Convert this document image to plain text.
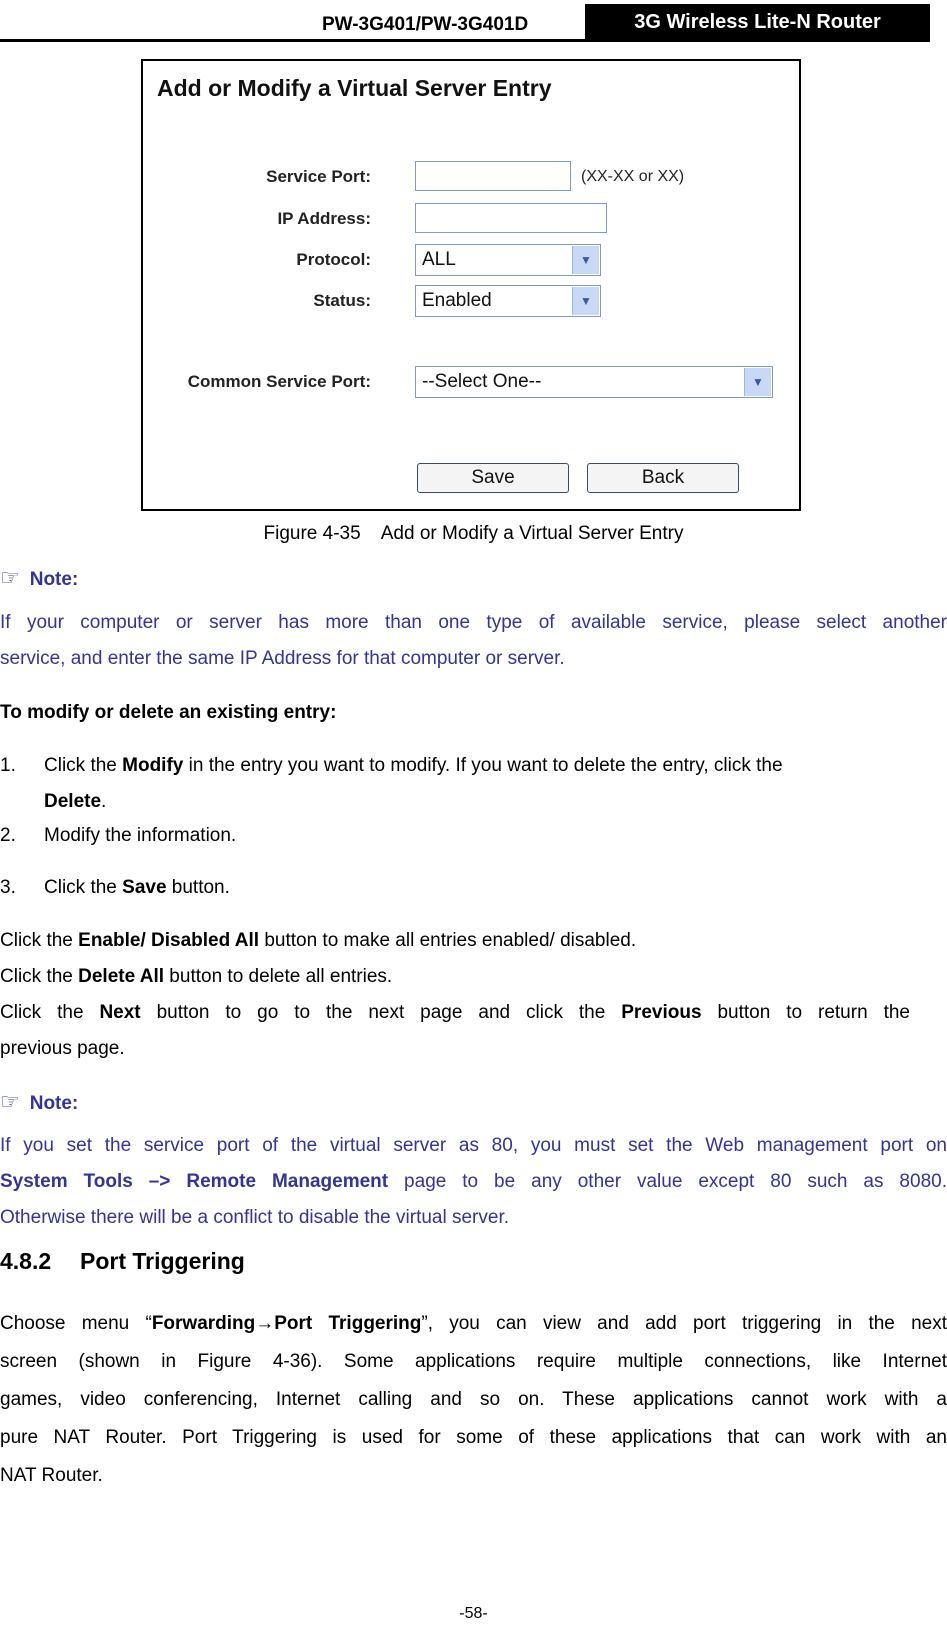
PW-3G401/PW-3G401D	3G Wireless Lite-N Router
Add or Modify a Virtual Server Entry
Service Port:	(XX-XX or XX)
IP Address:
Protocol:	ALL	▼
Status:	Enabled	▼
Common Service Port:	--Select One--	▼
Save	Back
Figure 4-35    Add or Modify a Virtual Server Entry
☞ Note:
If your computer or server has more than one type of available service, please select another
service, and enter the same IP Address for that computer or server.
To modify or delete an existing entry:
1. Click the Modify in the entry you want to modify. If you want to delete the entry, click the
Delete.
2. Modify the information.
3. Click the Save button.
Click the Enable/ Disabled All button to make all entries enabled/ disabled.
Click the Delete All button to delete all entries.
Click the Next button to go to the next page and click the Previous button to return the
previous page.
☞ Note:
If you set the service port of the virtual server as 80, you must set the Web management port on
System Tools –> Remote Management page to be any other value except 80 such as 8080.
Otherwise there will be a conflict to disable the virtual server.
4.8.2 Port Triggering
Choose menu “Forwarding→Port Triggering”, you can view and add port triggering in the next
screen (shown in Figure 4-36). Some applications require multiple connections, like Internet
games, video conferencing, Internet calling and so on. These applications cannot work with a
pure NAT Router. Port Triggering is used for some of these applications that can work with an
NAT Router.
-58-
